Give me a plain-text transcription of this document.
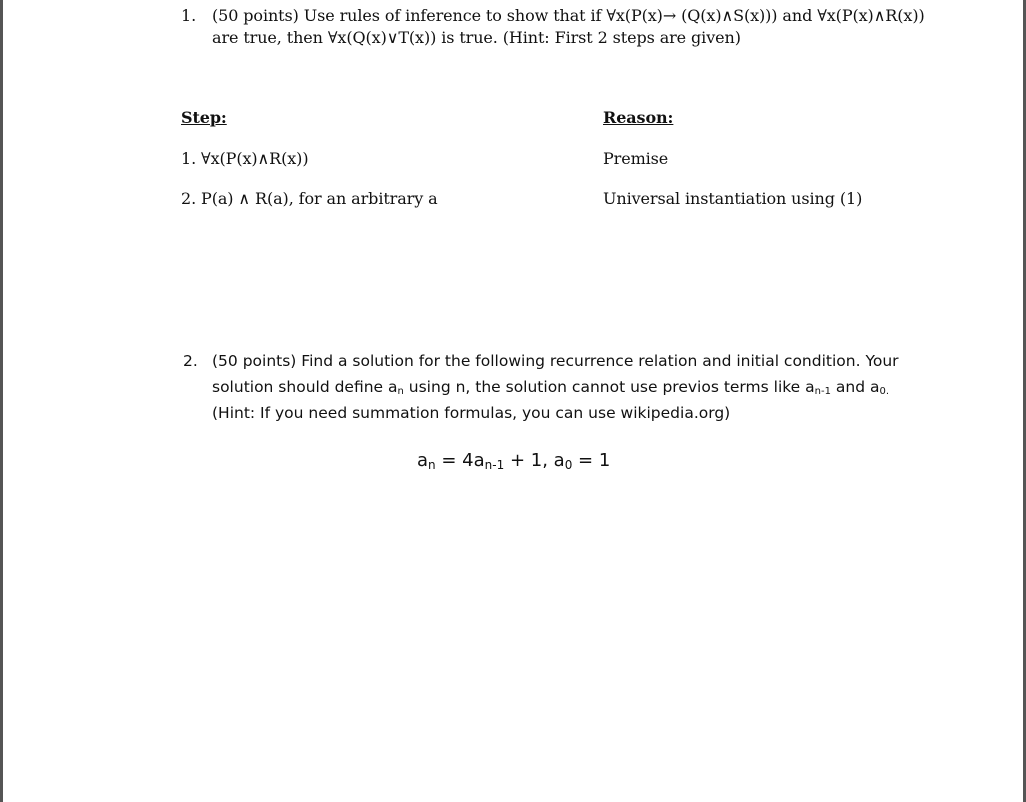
1. (50 points) Use rules of inference to show that if ∀x(P(x)→ (Q(x)∧S(x))) and ∀x(P(x)∧R(x))
are true, then ∀x(Q(x)∨T(x)) is true. (Hint: First 2 steps are given)
Step:	Reason:
1. ∀x(P(x)∧R(x))	Premise
2. P(a) ∧ R(a), for an arbitrary a	Universal instantiation using (1)
2. (50 points) Find a solution for the following recurrence relation and initial condition. Your
solution should define $a_n$ using n, the solution cannot use previos terms like $a_{n-1}$ and $a_{0.}$
(Hint: If you need summation formulas, you can use wikipedia.org)
an = 4an-1 + 1, a0 = 1
